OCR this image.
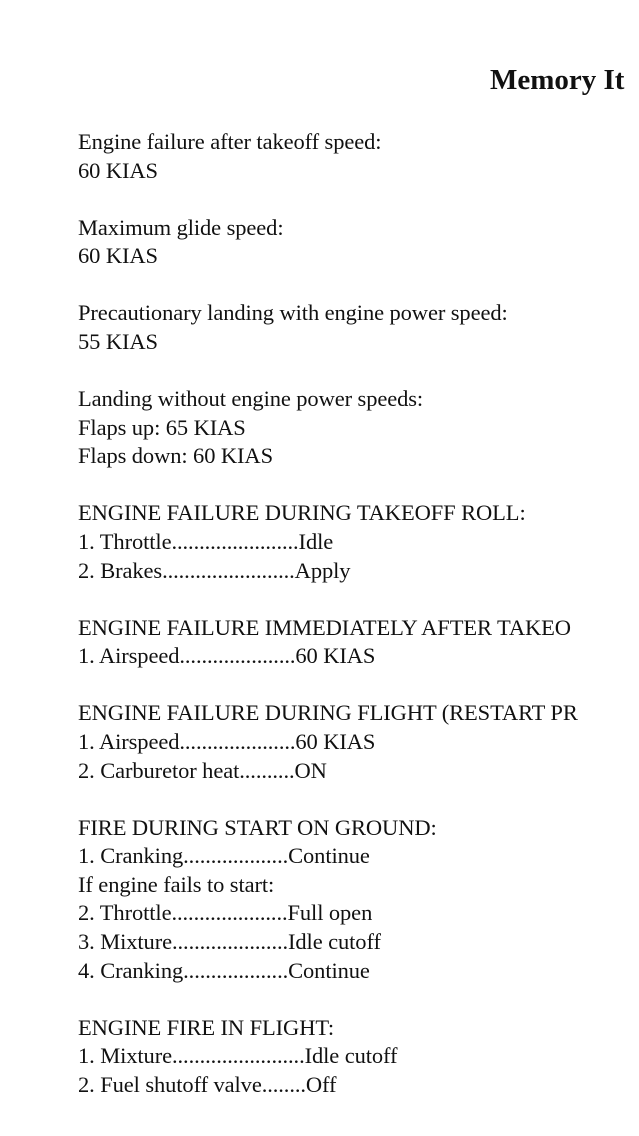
Memory It
Engine failure after takeoff speed:
60 KIAS
Maximum glide speed:
60 KIAS
Precautionary landing with engine power speed:
55 KIAS
Landing without engine power speeds:
Flaps up: 65 KIAS
Flaps down: 60 KIAS
ENGINE FAILURE DURING TAKEOFF ROLL:
1. Throttle.......................Idle
2. Brakes........................Apply
ENGINE FAILURE IMMEDIATELY AFTER TAKEO
1. Airspeed.....................60 KIAS
ENGINE FAILURE DURING FLIGHT (RESTART PR
1. Airspeed.....................60 KIAS
2. Carburetor heat..........ON
FIRE DURING START ON GROUND:
1. Cranking...................Continue
If engine fails to start:
2. Throttle.....................Full open
3. Mixture.....................Idle cutoff
4. Cranking...................Continue
ENGINE FIRE IN FLIGHT:
1. Mixture........................Idle cutoff
2. Fuel shutoff valve........Off
